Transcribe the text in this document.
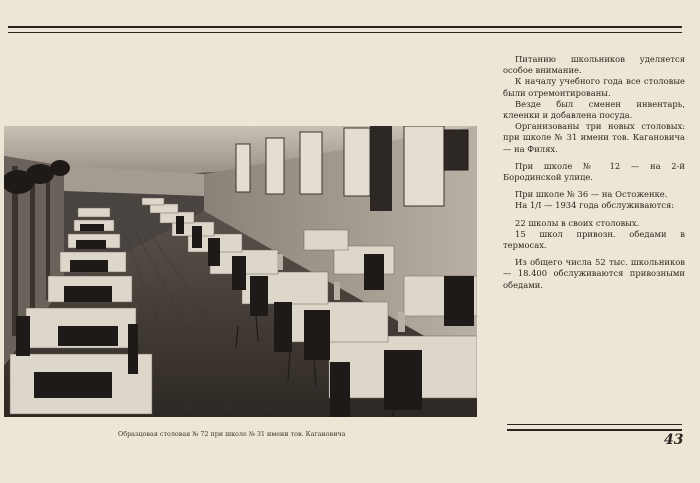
Питанию школьников уделяется особое внимание.

К началу учебного года все столовые были отремонтированы.

Везде был сменен инвентарь, клеенки и добавлена посуда.

Организованы три новых столовых: при школе № 31 имени тов. Кагановича — на Филях.

При школе № 12 — на 2-й Бородинской улице.

При школе № 36 — на Остоженке.

На 1/I — 1934 года обслуживаются:

22 школы в своих столовых.

15 школ привозн. обедами в термосах.

Из общего числа 52 тыс. школьников — 18.400 обслуживаются привозными обедами.

Образцовая столовая № 72 при школе № 31 имени тов. Кагановича	43
